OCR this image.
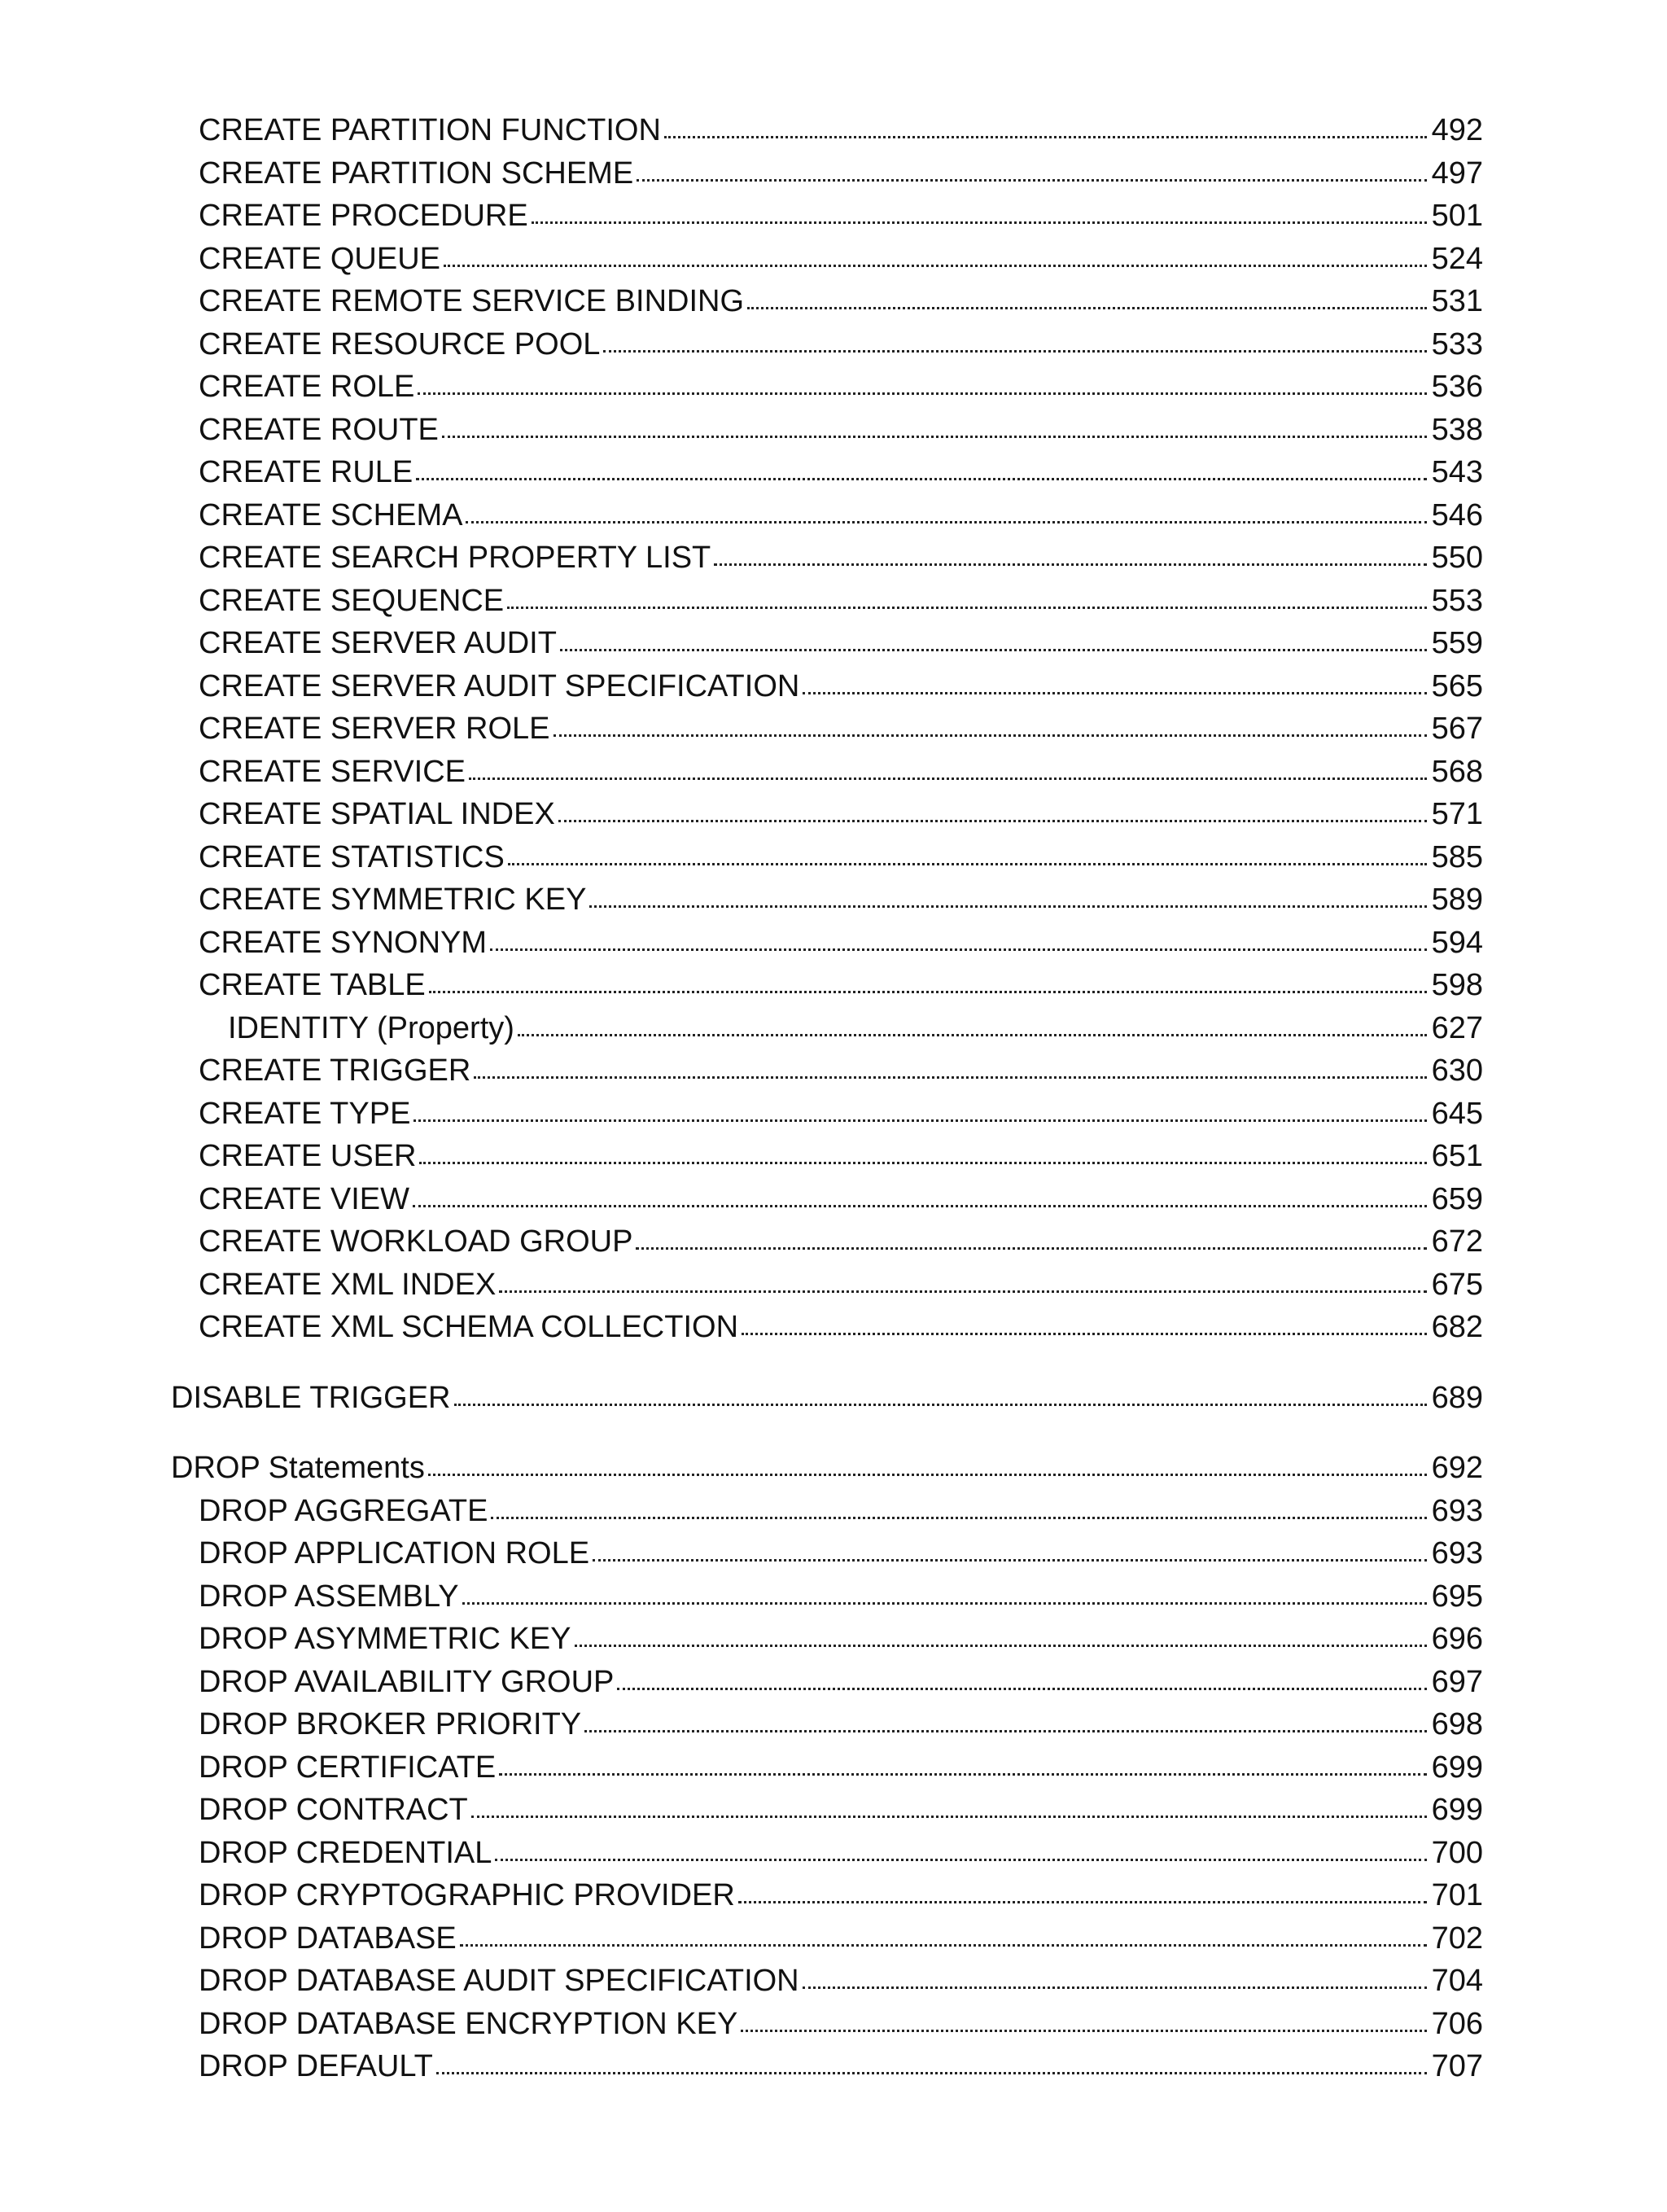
CREATE PARTITION FUNCTION	492
CREATE PARTITION SCHEME	497
CREATE PROCEDURE	501
CREATE QUEUE	524
CREATE REMOTE SERVICE BINDING	531
CREATE RESOURCE POOL	533
CREATE ROLE	536
CREATE ROUTE	538
CREATE RULE	543
CREATE SCHEMA	546
CREATE SEARCH PROPERTY LIST	550
CREATE SEQUENCE	553
CREATE SERVER AUDIT	559
CREATE SERVER AUDIT SPECIFICATION	565
CREATE SERVER ROLE	567
CREATE SERVICE	568
CREATE SPATIAL INDEX	571
CREATE STATISTICS	585
CREATE SYMMETRIC KEY	589
CREATE SYNONYM	594
CREATE TABLE	598
IDENTITY (Property)	627
CREATE TRIGGER	630
CREATE TYPE	645
CREATE USER	651
CREATE VIEW	659
CREATE WORKLOAD GROUP	672
CREATE XML INDEX	675
CREATE XML SCHEMA COLLECTION	682
DISABLE TRIGGER	689
DROP Statements	692
DROP AGGREGATE	693
DROP APPLICATION ROLE	693
DROP ASSEMBLY	695
DROP ASYMMETRIC KEY	696
DROP AVAILABILITY GROUP	697
DROP BROKER PRIORITY	698
DROP CERTIFICATE	699
DROP CONTRACT	699
DROP CREDENTIAL	700
DROP CRYPTOGRAPHIC PROVIDER	701
DROP DATABASE	702
DROP DATABASE AUDIT SPECIFICATION	704
DROP DATABASE ENCRYPTION KEY	706
DROP DEFAULT	707
